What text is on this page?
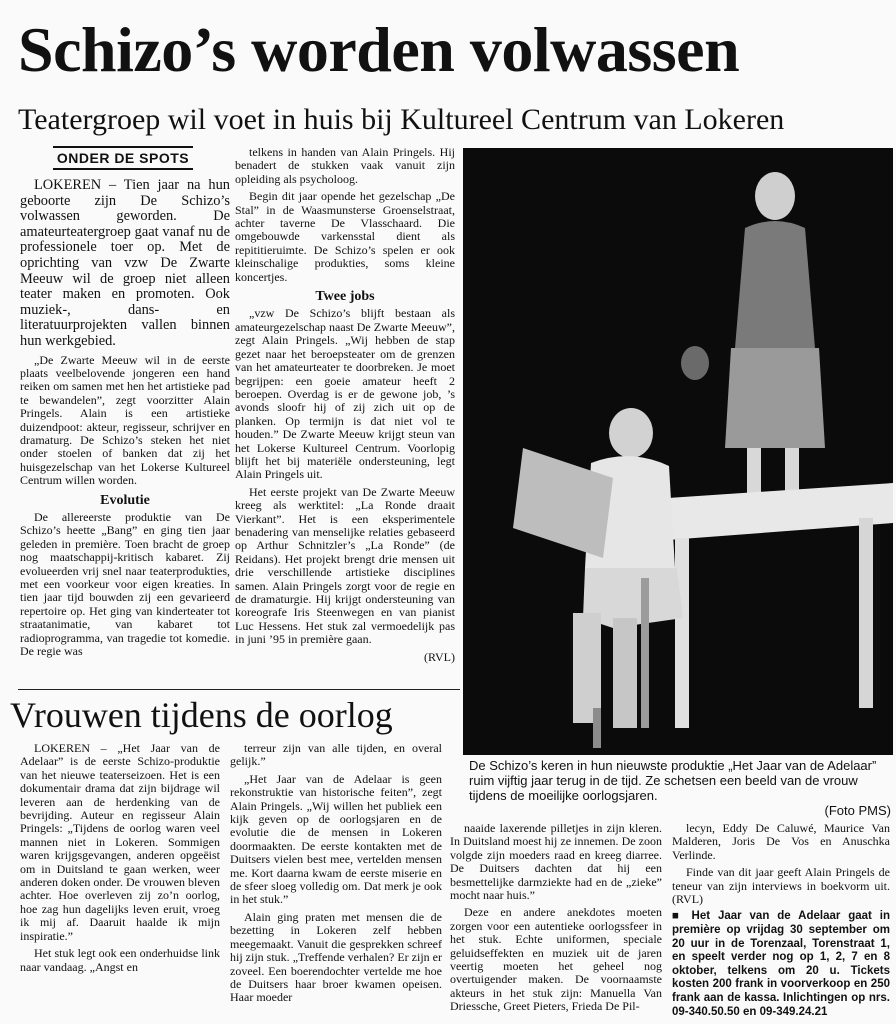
Schizo’s worden volwassen
Teatergroep wil voet in huis bij Kultureel Centrum van Lokeren
ONDER DE SPOTS

LOKEREN – Tien jaar na hun geboorte zijn De Schizo’s volwassen geworden. De amateurteatergroep gaat vanaf nu de professionele toer op. Met de oprichting van vzw De Zwarte Meeuw wil de groep niet alleen teater maken en promoten. Ook muziek-, dans- en literatuurprojekten vallen binnen hun werkgebied.

„De Zwarte Meeuw wil in de eerste plaats veelbelovende jongeren een hand reiken om samen met hen het artistieke pad te bewandelen”, zegt voorzitter Alain Pringels. Alain is een artistieke duizendpoot: akteur, regisseur, schrijver en dramaturg. De Schizo’s steken het niet onder stoelen of banken dat zij het huisgezelschap van het Lokerse Kultureel Centrum willen worden.

Evolutie

De allereerste produktie van De Schizo’s heette „Bang” en ging tien jaar geleden in première. Toen bracht de groep nog maatschappij-kritisch kabaret. Zij evolueerden vrij snel naar teaterprodukties, met een voorkeur voor eigen kreaties. In tien jaar tijd bouwden zij een gevarieerd repertoire op. Het ging van kinderteater tot straatanimatie, van kabaret tot radioprogramma, van tragedie tot komedie. De regie was

telkens in handen van Alain Pringels. Hij benadert de stukken vaak vanuit zijn opleiding als psycholoog.

Begin dit jaar opende het gezelschap „De Stal” in de Waasmunsterse Groenselstraat, achter taverne De Vlasschaard. Die omgebouwde varkensstal dient als repititieruimte. De Schizo’s spelen er ook kleinschalige produkties, soms kleine koncertjes.

Twee jobs

„vzw De Schizo’s blijft bestaan als amateurgezelschap naast De Zwarte Meeuw”, zegt Alain Pringels. „Wij hebben de stap gezet naar het beroepsteater om de grenzen van het amateurteater te doorbreken. Je moet begrijpen: een goeie amateur heeft 2 beroepen. Overdag is er de gewone job, ’s avonds sloofr hij of zij zich uit op de planken. Op termijn is dat niet vol te houden.” De Zwarte Meeuw krijgt steun van het Lokerse Kultureel Centrum. Voorlopig blijft het bij materiële ondersteuning, legt Alain Pringels uit.

Het eerste projekt van De Zwarte Meeuw kreeg als werktitel: „La Ronde draait Vierkant”. Het is een eksperimentele benadering van menselijke relaties gebaseerd op Arthur Schnitzler’s „La Ronde” (de Reidans). Het projekt brengt drie mensen uit drie verschillende artistieke disciplines samen. Alain Pringels zorgt voor de regie en de dramaturgie. Hij krijgt ondersteuning van koreografe Iris Steenwegen en van pianist Luc Hessens. Het stuk zal vermoedelijk pas in juni ’95 in première gaan.

(RVL)

De Schizo’s keren in hun nieuwste produktie „Het Jaar van de Adelaar” ruim vijftig jaar terug in de tijd. Ze schetsen een beeld van de vrouw tijdens de moeilijke oorlogsjaren.
(Foto PMS)
Vrouwen tijdens de oorlog

LOKEREN – „Het Jaar van de Adelaar” is de eerste Schizo-produktie van het nieuwe teaterseizoen. Het is een dokumentair drama dat zijn bijdrage wil leveren aan de herdenking van de bevrijding. Auteur en regisseur Alain Pringels: „Tijdens de oorlog waren veel mannen niet in Lokeren. Sommigen waren krijgsgevangen, anderen opgeëist om in Duitsland te gaan werken, weer anderen doken onder. De vrouwen bleven achter. Hoe overleven zij zo’n oorlog, hoe zag hun dagelijks leven eruit, vroeg ik mij af. Daaruit haalde ik mijn inspiratie.”

Het stuk legt ook een onderhuidse link naar vandaag. „Angst en

terreur zijn van alle tijden, en overal gelijk.”

„Het Jaar van de Adelaar is geen rekonstruktie van historische feiten”, zegt Alain Pringels. „Wij willen het publiek een kijk geven op de oorlogsjaren en de evolutie die de mensen in Lokeren doormaakten. De eerste kontakten met de Duitsers vielen best mee, vertelden mensen me. Kort daarna kwam de eerste miserie en de sfeer sloeg volledig om. Dat merk je ook in het stuk.”

Alain ging praten met mensen die de bezetting in Lokeren zelf hebben meegemaakt. Vanuit die gesprekken schreef hij zijn stuk. „Treffende verhalen? Er zijn er zoveel. Een boerendochter vertelde me hoe de Duitsers haar broer kwamen opeisen. Haar moeder

naaide laxerende pilletjes in zijn kleren. In Duitsland moest hij ze innemen. De zoon volgde zijn moeders raad en kreeg diarree. De Duitsers dachten dat hij een besmettelijke darmziekte had en de „zieke” mocht naar huis.”

Deze en andere anekdotes moeten zorgen voor een autentieke oorlogssfeer in het stuk. Echte uniformen, speciale geluidseffekten en muziek uit de jaren veertig moeten het geheel nog overtuigender maken. De voornaamste akteurs in het stuk zijn: Manuella Van Driessche, Greet Pieters, Frieda De Pil-

lecyn, Eddy De Caluwé, Maurice Van Malderen, Joris De Vos en Anuschka Verlinde.

Finde van dit jaar geeft Alain Pringels de teneur van zijn interviews in boekvorm uit. (RVL)

■ Het Jaar van de Adelaar gaat in première op vrijdag 30 september om 20 uur in de Torenzaal, Torenstraat 1, en speelt verder nog op 1, 2, 7 en 8 oktober, telkens om 20 u. Tickets kosten 200 frank in voorverkoop en 250 frank aan de kassa. Inlichtingen op nrs. 09-340.50.50 en 09-349.24.21
